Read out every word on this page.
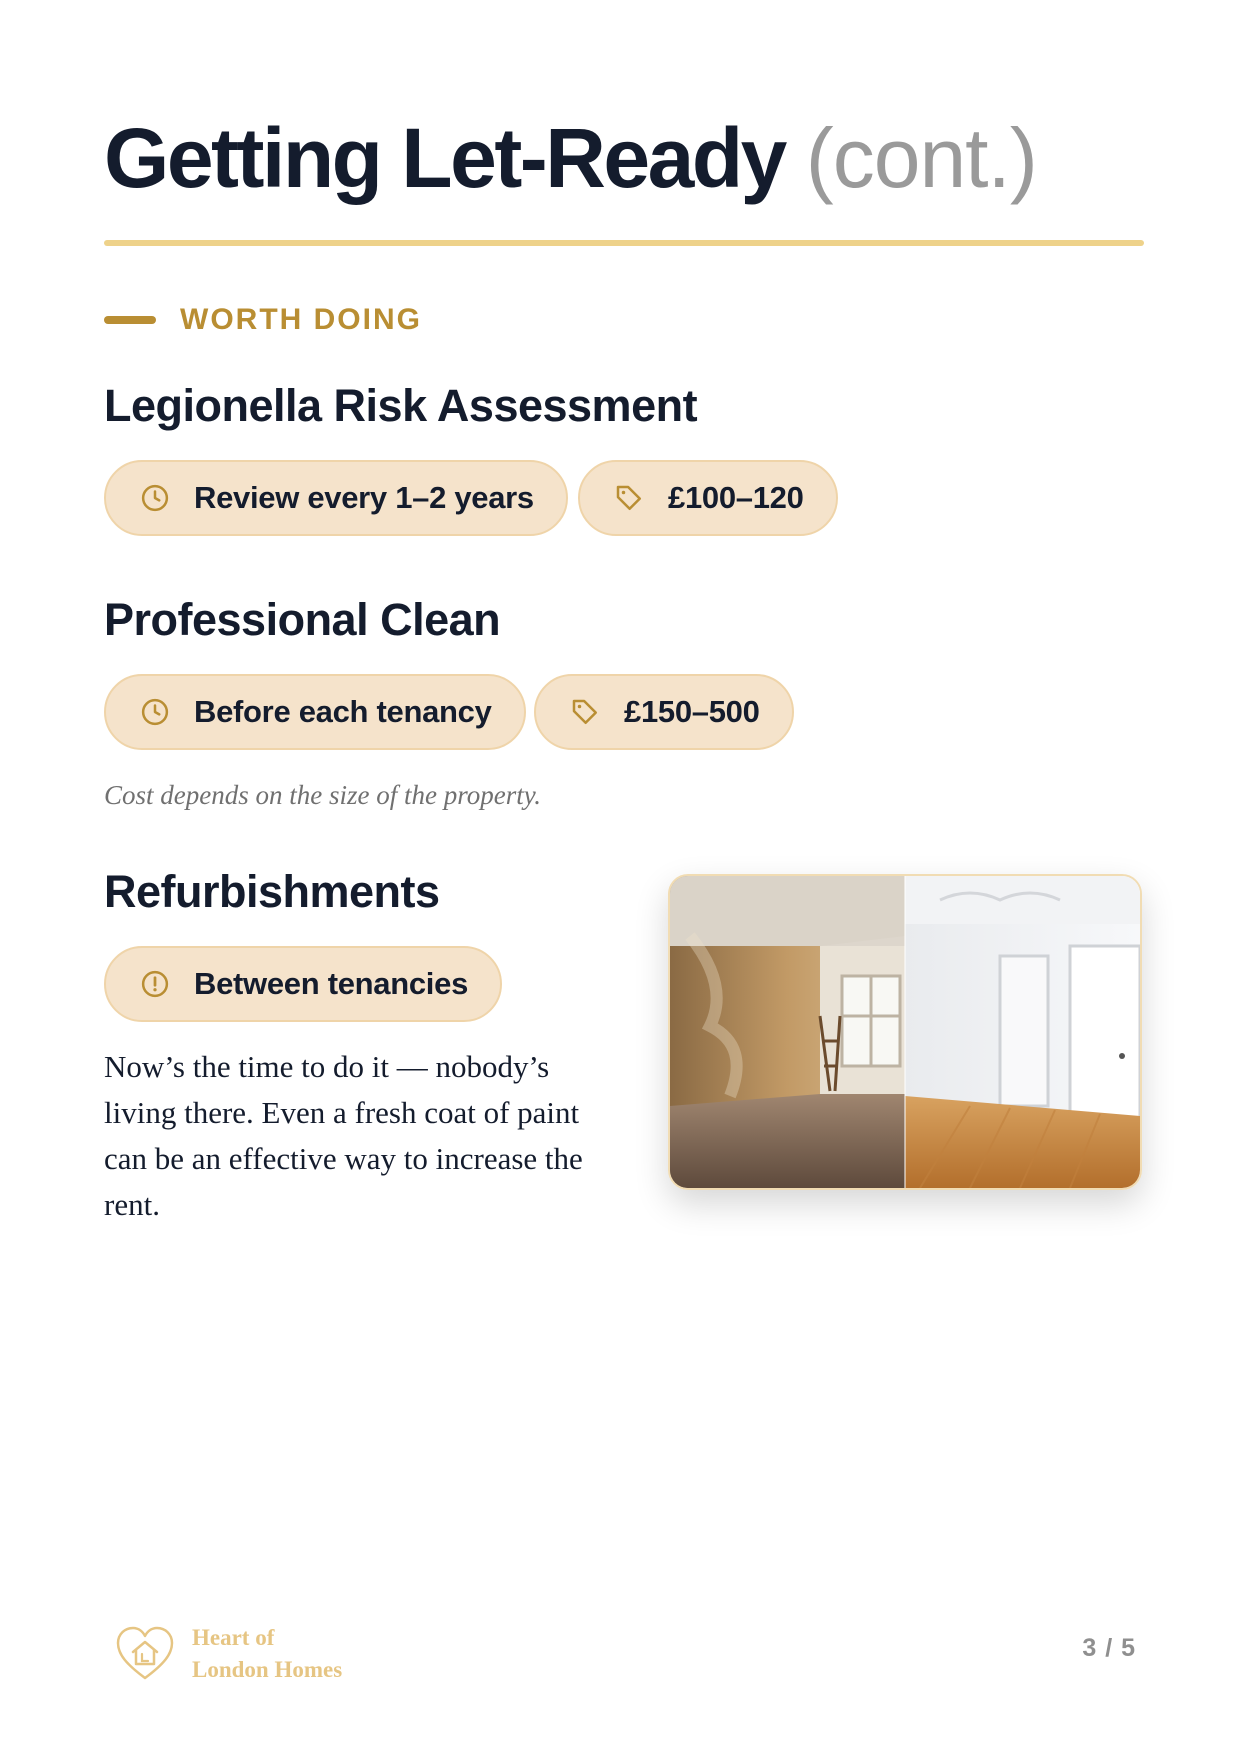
Getting Let-Ready (cont.)
WORTH DOING
Legionella Risk Assessment
Review every 1–2 years	£100–120
Professional Clean
Before each tenancy	£150–500
Cost depends on the size of the property.
Refurbishments
Between tenancies

Now’s the time to do it — nobody’s living there. Even a fresh coat of paint can be an effective way to increase the rent.

Heart of
London Homes
3 / 5
